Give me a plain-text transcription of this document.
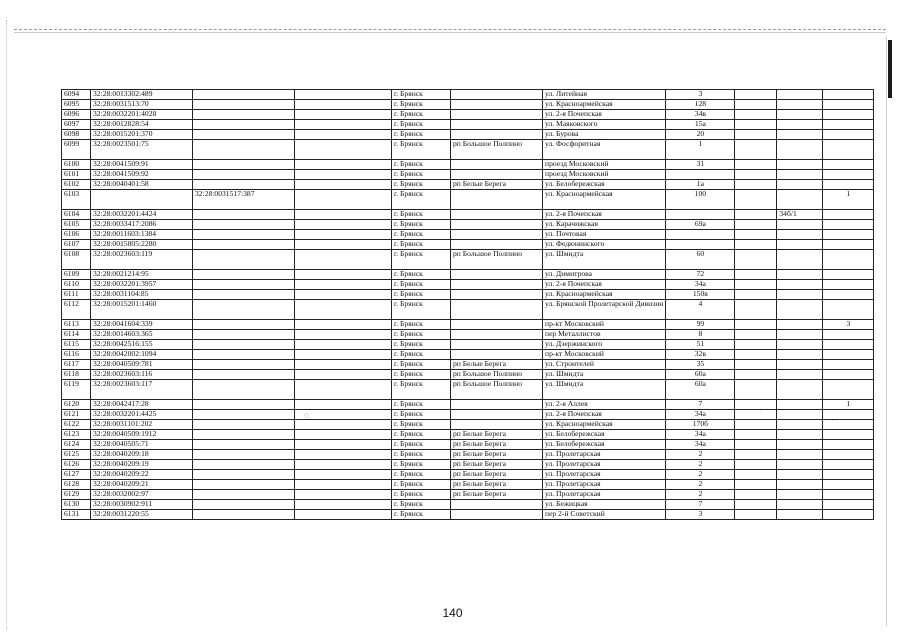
6094	32:28:0013302:489			г. Брянск		ул. Литейная	3			
6095	32:28:0031513:70			г. Брянск		ул. Красноармейская	128			
6096	32:28:0032201:4028			г. Брянск		ул. 2-я Почепская	34в			
6097	32:28:0012828:54			г. Брянск		ул. Маяковского	15а			
6098	32:28:0015201:370			г. Брянск		ул. Бурова	20			
6099	32:28:0023501:75			г. Брянск	рп Большое Полпино	ул. Фосфоритная	1			
6100	32:28:0041509:91			г. Брянск		проезд Московский	31			
6101	32:28:0041509:92			г. Брянск		проезд Московский				
6102	32:28:0040401:58			г. Брянск	рп Белые Берега	ул. Белобережская	1а			
6103		32:28:0031517:387		г. Брянск		ул. Красноармейская	100			1
6104	32:28:0032201:4424			г. Брянск		ул. 2-я Почепская			34б/1	
6105	32:28:0033417:2086			г. Брянск		ул. Карачижская	69а			
6106	32:28:0011603:1384			г. Брянск		ул. Почтовая				
6107	32:28:0015805:2280			г. Брянск		ул. Федюнинского				
6108	32:28:0023603:119			г. Брянск	рп Большое Полпино	ул. Шмидта	60			
6109	32:28:0021214:95			г. Брянск		ул. Димитрова	72			
6110	32:28:0032201:3957			г. Брянск		ул. 2-я Почепская	34а			
6111	32:28:0031104:85			г. Брянск		ул. Красноармейская	150в			
6112	32:28:0015201:1460			г. Брянск		ул. Брянской Пролетарской Дивизии	4			
6113	32:28:0041604:339			г. Брянск		пр-кт Московский	99			3
6114	32:28:0014603:365			г. Брянск		пер Металлистов	8			
6115	32:28:0042516:155			г. Брянск		ул. Дзержинского	51			
6116	32:28:0042002:1094			г. Брянск		пр-кт Московский	32в			
6117	32:28:0040509:781			г. Брянск	рп Белые Берега	ул. Строителей	35			
6118	32:28:0023603:116			г. Брянск	рп Большое Полпино	ул. Шмидта	60а			
6119	32:28:0023603:117			г. Брянск	рп Большое Полпино	ул. Шмидта	60а			
6120	32:28:0042417:28			г. Брянск		ул. 2-я Аллея	7			1
6121	32:28:0032201:4425			г. Брянск		ул. 2-я Почепская	34а			
6122	32:28:0031101:202			г. Брянск		ул. Красноармейская	170б			
6123	32:28:0040509:1912			г. Брянск	рп Белые Берега	ул. Белобережская	34а			
6124	32:28:0040505:71			г. Брянск	рп Белые Берега	ул. Белобережская	34а			
6125	32:28:0040209:18			г. Брянск	рп Белые Берега	ул. Пролетарская	2			
6126	32:28:0040209:19			г. Брянск	рп Белые Берега	ул. Пролетарская	2			
6127	32:28:0040209:22			г. Брянск	рп Белые Берега	ул. Пролетарская	2			
6128	32:28:0040209:21			г. Брянск	рп Белые Берега	ул. Пролетарская	2			
6129	32:28:0032002:97			г. Брянск	рп Белые Берега	ул. Пролетарская	2			
6130	32:28:0030902:911			г. Брянск		ул. Бежицкая	7			
6131	32:28:0031220:55			г. Брянск		пер 2-й Советский	3			
○	·
· ·
140
